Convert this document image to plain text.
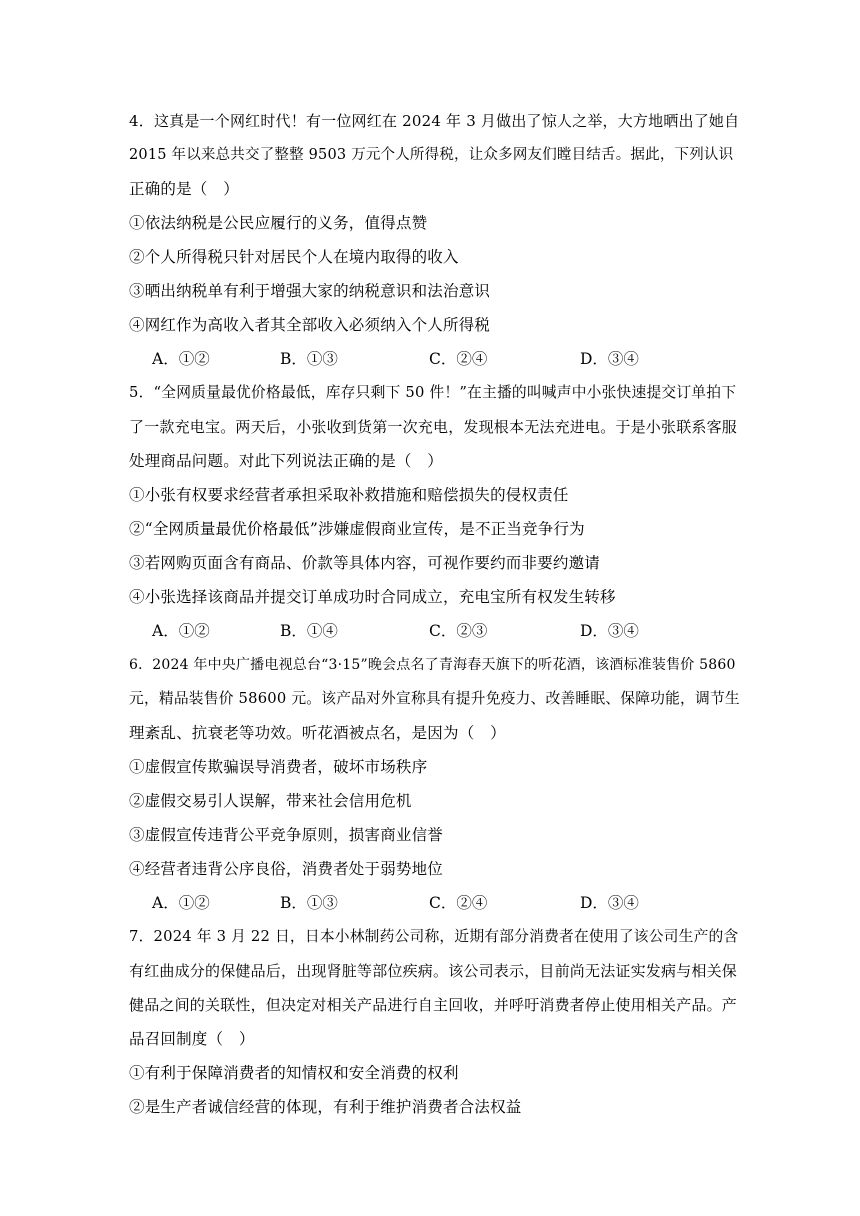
4．这真是一个网红时代！有一位网红在 2024 年 3 月做出了惊人之举，大方地晒出了她自
2015 年以来总共交了整整 9503 万元个人所得税，让众多网友们瞠目结舌。据此，下列认识
正确的是（　）
①依法纳税是公民应履行的义务，值得点赞
②个人所得税只针对居民个人在境内取得的收入
③晒出纳税单有利于增强大家的纳税意识和法治意识
④网红作为高收入者其全部收入必须纳入个人所得税
A．①②	B．①③	C．②④	D．③④
5．“全网质量最优价格最低，库存只剩下 50 件！”在主播的叫喊声中小张快速提交订单拍下
了一款充电宝。两天后，小张收到货第一次充电，发现根本无法充进电。于是小张联系客服
处理商品问题。对此下列说法正确的是（　）
①小张有权要求经营者承担采取补救措施和赔偿损失的侵权责任
②“全网质量最优价格最低”涉嫌虚假商业宣传，是不正当竞争行为
③若网购页面含有商品、价款等具体内容，可视作要约而非要约邀请
④小张选择该商品并提交订单成功时合同成立，充电宝所有权发生转移
A．①②	B．①④	C．②③	D．③④
6．2024 年中央广播电视总台“3·15”晚会点名了青海春天旗下的听花酒，该酒标准装售价 5860
元，精品装售价 58600 元。该产品对外宣称具有提升免疫力、改善睡眠、保障功能，调节生
理紊乱、抗衰老等功效。听花酒被点名，是因为（　）
①虚假宣传欺骗误导消费者，破坏市场秩序
②虚假交易引人误解，带来社会信用危机
③虚假宣传违背公平竞争原则，损害商业信誉
④经营者违背公序良俗，消费者处于弱势地位
A．①②	B．①③	C．②④	D．③④
7．2024 年 3 月 22 日，日本小林制药公司称，近期有部分消费者在使用了该公司生产的含
有红曲成分的保健品后，出现肾脏等部位疾病。该公司表示，目前尚无法证实发病与相关保
健品之间的关联性，但决定对相关产品进行自主回收，并呼吁消费者停止使用相关产品。产
品召回制度（　）
①有利于保障消费者的知情权和安全消费的权利
②是生产者诚信经营的体现，有利于维护消费者合法权益
